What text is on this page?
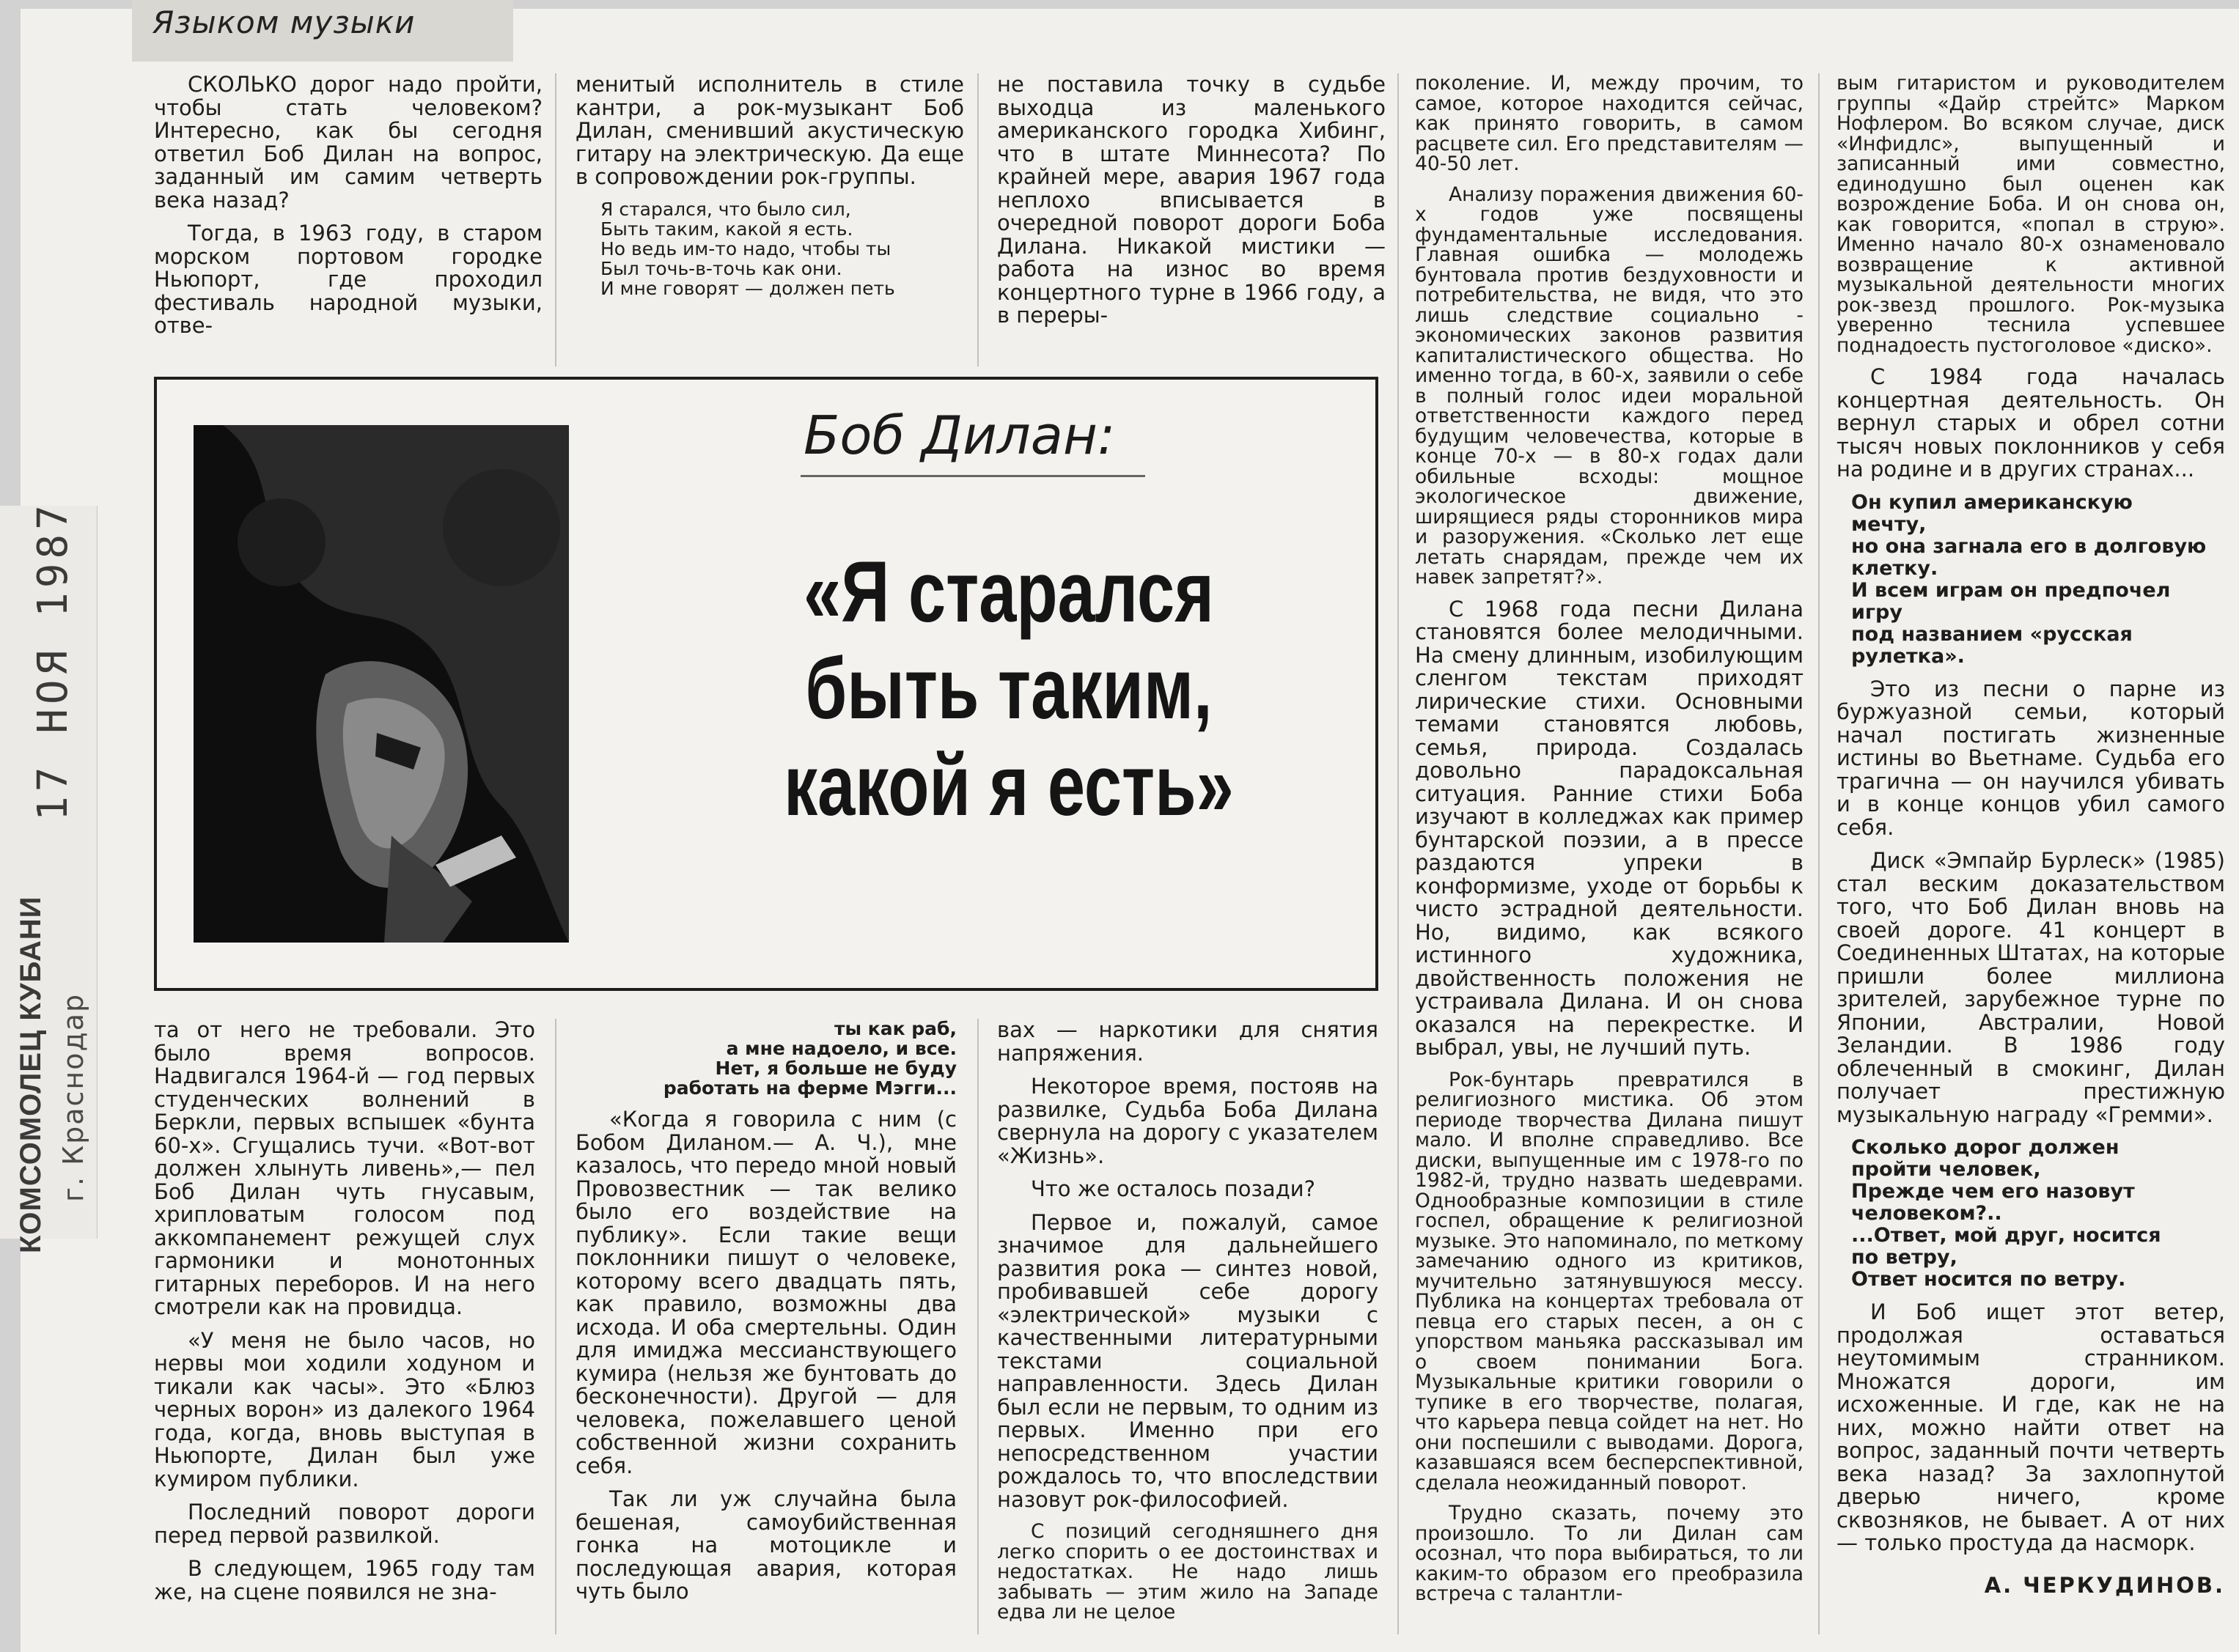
Языком музыки
17 НОЯ 1987
КОМСОМОЛЕЦ КУБАНИ г. Краснодар

СКОЛЬКО дорог надо пройти, чтобы стать человеком? Интересно, как бы сегодня ответил Боб Дилан на вопрос, заданный им самим четверть века назад?

Тогда, в 1963 году, в старом морском портовом городке Ньюпорт, где проходил фестиваль народной музыки, отве-

менитый исполнитель в стиле кантри, а рок-музыкант Боб Дилан, сменивший акустическую гитару на электрическую. Да еще в сопровождении рок-группы.

Я старался, что было сил,
Быть таким, какой я есть.
Но ведь им-то надо, чтобы ты
Был точь-в-точь как они.
И мне говорят — должен петь

не поставила точку в судьбе выходца из маленького американского городка Хибинг, что в штате Миннесота? По крайней мере, авария 1967 года неплохо вписывается в очередной поворот дороги Боба Дилана. Никакой мистики — работа на износ во время концертного турне в 1966 году, а в переры-

Боб Дилан:
«Я старался
быть таким,
какой я есть»

та от него не требовали. Это было время вопросов. Надвигался 1964-й — год первых студенческих волнений в Беркли, первых вспышек «бунта 60-х». Сгущались тучи. «Вот-вот должен хлынуть ливень»,— пел Боб Дилан чуть гнусавым, хрипловатым голосом под аккомпанемент режущей слух гармоники и монотонных гитарных переборов. И на него смотрели как на провидца.

«У меня не было часов, но нервы мои ходили ходуном и тикали как часы». Это «Блюз черных ворон» из далекого 1964 года, когда, вновь выступая в Ньюпорте, Дилан был уже кумиром публики.

Последний поворот дороги перед первой развилкой.

В следующем, 1965 году там же, на сцене появился не зна-

ты как раб,
а мне надоело, и все.
Нет, я больше не буду
работать на ферме Мэгги...

«Когда я говорила с ним (с Бобом Диланом.— А. Ч.), мне казалось, что передо мной новый Провозвестник — так велико было его воздействие на публику». Если такие вещи поклонники пишут о человеке, которому всего двадцать пять, как правило, возможны два исхода. И оба смертельны. Один для имиджа мессианствующего кумира (нельзя же бунтовать до бесконечности). Другой — для человека, пожелавшего ценой собственной жизни сохранить себя.

Так ли уж случайна была бешеная, самоубийственная гонка на мотоцикле и последующая авария, которая чуть было

вах — наркотики для снятия напряжения.

Некоторое время, постояв на развилке, Судьба Боба Дилана свернула на дорогу с указателем «Жизнь».

Что же осталось позади?

Первое и, пожалуй, самое значимое для дальнейшего развития рока — синтез новой, пробивавшей себе дорогу «электрической» музыки с качественными литературными текстами социальной направленности. Здесь Дилан был если не первым, то одним из первых. Именно при его непосредственном участии рождалось то, что впоследствии назовут рок-философией.

С позиций сегодняшнего дня легко спорить о ее достоинствах и недостатках. Не надо лишь забывать — этим жило на Западе едва ли не целое

поколение. И, между прочим, то самое, которое находится сейчас, как принято говорить, в самом расцвете сил. Его представителям — 40-50 лет.

Анализу поражения движения 60-х годов уже посвящены фундаментальные исследования. Главная ошибка — молодежь бунтовала против бездуховности и потребительства, не видя, что это лишь следствие социально - экономических законов развития капиталистического общества. Но именно тогда, в 60-х, заявили о себе в полный голос идеи моральной ответственности каждого перед будущим человечества, которые в конце 70-х — в 80-х годах дали обильные всходы: мощное экологическое движение, ширящиеся ряды сторонников мира и разоружения. «Сколько лет еще летать снарядам, прежде чем их навек запретят?».

С 1968 года песни Дилана становятся более мелодичными. На смену длинным, изобилующим сленгом текстам приходят лирические стихи. Основными темами становятся любовь, семья, природа. Создалась довольно парадоксальная ситуация. Ранние стихи Боба изучают в колледжах как пример бунтарской поэзии, а в прессе раздаются упреки в конформизме, уходе от борьбы к чисто эстрадной деятельности. Но, видимо, как всякого истинного художника, двойственность положения не устраивала Дилана. И он снова оказался на перекрестке. И выбрал, увы, не лучший путь.

Рок-бунтарь превратился в религиозного мистика. Об этом периоде творчества Дилана пишут мало. И вполне справедливо. Все диски, выпущенные им с 1978-го по 1982-й, трудно назвать шедеврами. Однообразные композиции в стиле госпел, обращение к религиозной музыке. Это напоминало, по меткому замечанию одного из критиков, мучительно затянувшуюся мессу. Публика на концертах требовала от певца его старых песен, а он с упорством маньяка рассказывал им о своем понимании Бога. Музыкальные критики говорили о тупике в его творчестве, полагая, что карьера певца сойдет на нет. Но они поспешили с выводами. Дорога, казавшаяся всем бесперспективной, сделала неожиданный поворот.

Трудно сказать, почему это произошло. То ли Дилан сам осознал, что пора выбираться, то ли каким-то образом его преобразила встреча с талантли-

вым гитаристом и руководителем группы «Дайр стрейтс» Марком Нофлером. Во всяком случае, диск «Инфидлс», выпущенный и записанный ими совместно, единодушно был оценен как возрождение Боба. И он снова он, как говорится, «попал в струю». Именно начало 80-х ознаменовало возвращение к активной музыкальной деятельности многих рок-звезд прошлого. Рок-музыка уверенно теснила успевшее поднадоесть пустоголовое «диско».

С 1984 года началась концертная деятельность. Он вернул старых и обрел сотни тысяч новых поклонников у себя на родине и в других странах...

Он купил американскую
мечту,
но она загнала его в долговую
клетку.
И всем играм он предпочел
игру
под названием «русская
рулетка».

Это из песни о парне из буржуазной семьи, который начал постигать жизненные истины во Вьетнаме. Судьба его трагична — он научился убивать и в конце концов убил самого себя.

Диск «Эмпайр Бурлеск» (1985) стал веским доказательством того, что Боб Дилан вновь на своей дороге. 41 концерт в Соединенных Штатах, на которые пришли более миллиона зрителей, зарубежное турне по Японии, Австралии, Новой Зеландии. В 1986 году облеченный в смокинг, Дилан получает престижную музыкальную награду «Гремми».

Сколько дорог должен
пройти человек,
Прежде чем его назовут
человеком?..
...Ответ, мой друг, носится
по ветру,
Ответ носится по ветру.

И Боб ищет этот ветер, продолжая оставаться неутомимым странником. Множатся дороги, им исхоженные. И где, как не на них, можно найти ответ на вопрос, заданный почти четверть века назад? За захлопнутой дверью ничего, кроме сквозняков, не бывает. А от них — только простуда да насморк.

А. ЧЕРКУДИНОВ.
